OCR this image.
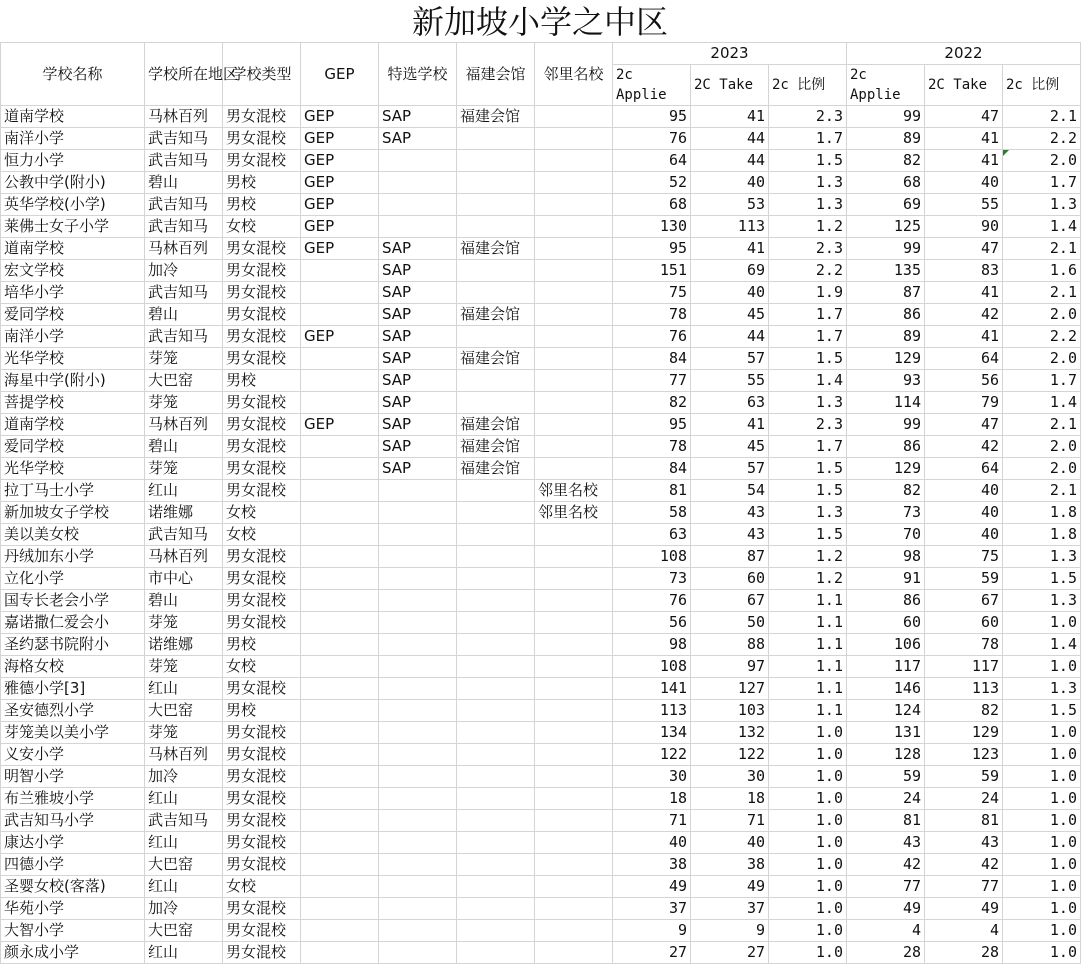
新加坡小学之中区
学校名称	学校所在地区	学校类型	GEP	特选学校	福建会馆	邻里名校	2023			2022		
							2c Applie	2C Take	2c 比例	2c Applie	2C Take	2c 比例

道南学校	马林百列	男女混校	GEP	SAP	福建会馆		95	41	2.3	99	47	2.1
南洋小学	武吉知马	男女混校	GEP	SAP			76	44	1.7	89	41	2.2
恒力小学	武吉知马	男女混校	GEP				64	44	1.5	82	41	2.0
公教中学(附小)	碧山	男校	GEP				52	40	1.3	68	40	1.7
英华学校(小学)	武吉知马	男校	GEP				68	53	1.3	69	55	1.3
莱佛士女子小学	武吉知马	女校	GEP				130	113	1.2	125	90	1.4
道南学校	马林百列	男女混校	GEP	SAP	福建会馆		95	41	2.3	99	47	2.1
宏文学校	加冷	男女混校		SAP			151	69	2.2	135	83	1.6
培华小学	武吉知马	男女混校		SAP			75	40	1.9	87	41	2.1
爱同学校	碧山	男女混校		SAP	福建会馆		78	45	1.7	86	42	2.0
南洋小学	武吉知马	男女混校	GEP	SAP			76	44	1.7	89	41	2.2
光华学校	芽笼	男女混校		SAP	福建会馆		84	57	1.5	129	64	2.0
海星中学(附小)	大巴窑	男校		SAP			77	55	1.4	93	56	1.7
菩提学校	芽笼	男女混校		SAP			82	63	1.3	114	79	1.4
道南学校	马林百列	男女混校	GEP	SAP	福建会馆		95	41	2.3	99	47	2.1
爱同学校	碧山	男女混校		SAP	福建会馆		78	45	1.7	86	42	2.0
光华学校	芽笼	男女混校		SAP	福建会馆		84	57	1.5	129	64	2.0
拉丁马士小学	红山	男女混校				邻里名校	81	54	1.5	82	40	2.1
新加坡女子学校	诺维娜	女校				邻里名校	58	43	1.3	73	40	1.8
美以美女校	武吉知马	女校					63	43	1.5	70	40	1.8
丹绒加东小学	马林百列	男女混校					108	87	1.2	98	75	1.3
立化小学	市中心	男女混校					73	60	1.2	91	59	1.5
国专长老会小学	碧山	男女混校					76	67	1.1	86	67	1.3
嘉诺撒仁爱会小	芽笼	男女混校					56	50	1.1	60	60	1.0
圣约瑟书院附小	诺维娜	男校					98	88	1.1	106	78	1.4
海格女校	芽笼	女校					108	97	1.1	117	117	1.0
雅德小学[3]	红山	男女混校					141	127	1.1	146	113	1.3
圣安德烈小学	大巴窑	男校					113	103	1.1	124	82	1.5
芽笼美以美小学	芽笼	男女混校					134	132	1.0	131	129	1.0
义安小学	马林百列	男女混校					122	122	1.0	128	123	1.0
明智小学	加冷	男女混校					30	30	1.0	59	59	1.0
布兰雅坡小学	红山	男女混校					18	18	1.0	24	24	1.0
武吉知马小学	武吉知马	男女混校					71	71	1.0	81	81	1.0
康达小学	红山	男女混校					40	40	1.0	43	43	1.0
四德小学	大巴窑	男女混校					38	38	1.0	42	42	1.0
圣婴女校(客落)	红山	女校					49	49	1.0	77	77	1.0
华苑小学	加冷	男女混校					37	37	1.0	49	49	1.0
大智小学	大巴窑	男女混校					9	9	1.0	4	4	1.0
颜永成小学	红山	男女混校					27	27	1.0	28	28	1.0
